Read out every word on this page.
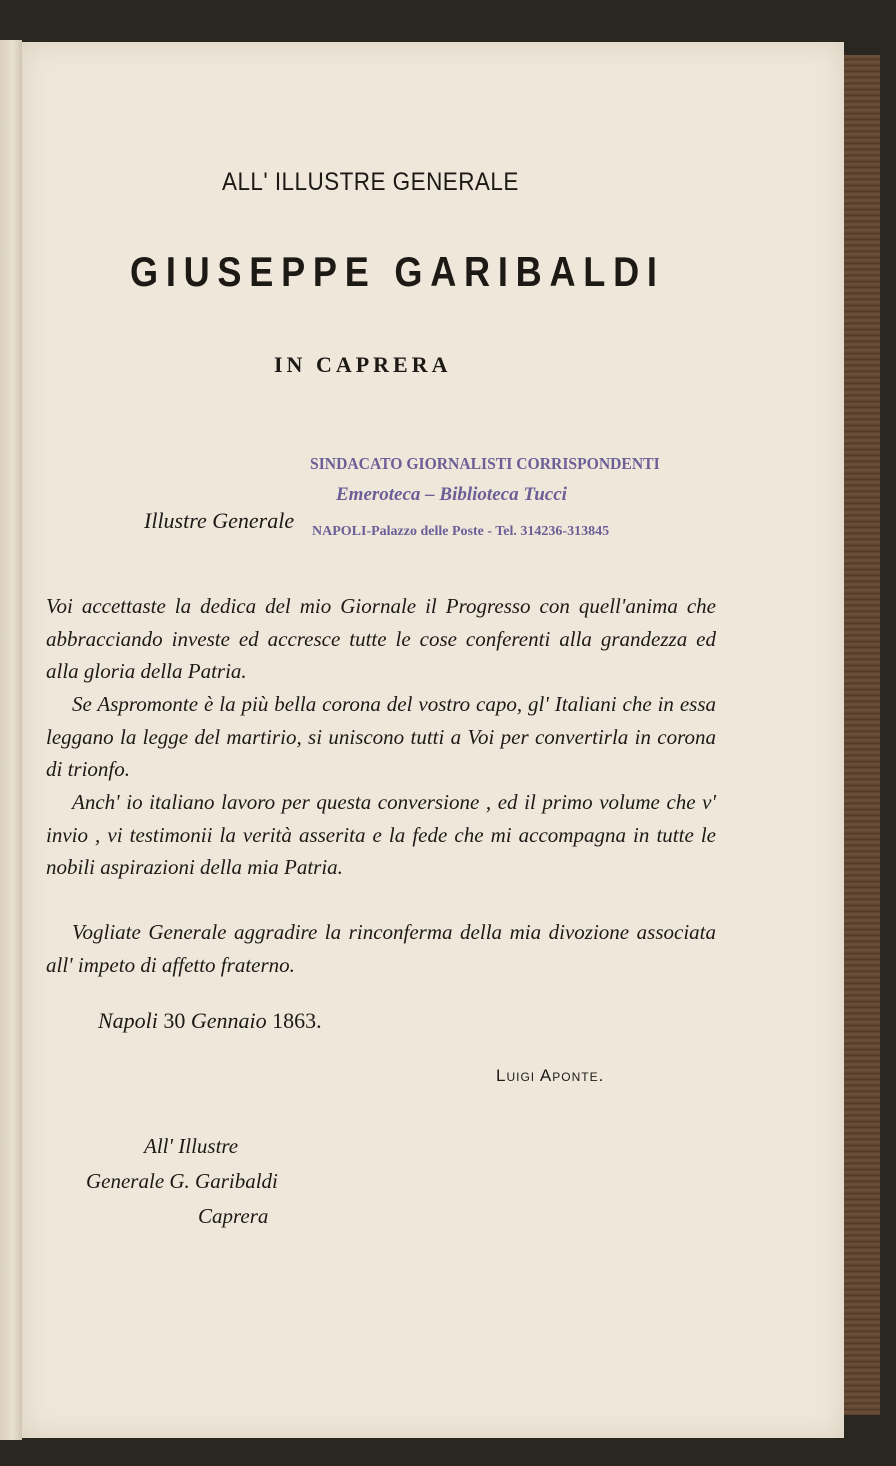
ALL' ILLUSTRE GENERALE
GIUSEPPE GARIBALDI
IN CAPRERA
SINDACATO GIORNALISTI CORRISPONDENTI
Emeroteca – Biblioteca Tucci
NAPOLI-Palazzo delle Poste - Tel. 314236-313845
Illustre Generale

Voi accettaste la dedica del mio Giornale il Progresso con quell'anima che abbracciando investe ed accresce tutte le cose conferenti alla grandezza ed alla gloria della Patria.

Se Aspromonte è la più bella corona del vostro capo, gl' Italiani che in essa leggano la legge del martirio, si uniscono tutti a Voi per convertirla in corona di trionfo.

Anch' io italiano lavoro per questa conversione , ed il primo volume che v' invio , vi testimonii la verità asserita e la fede che mi accompagna in tutte le nobili aspirazioni della mia Patria.

Vogliate Generale aggradire la rinconferma della mia divozione associata all' impeto di affetto fraterno.

Napoli 30 Gennaio 1863.
Luigi Aponte.
All' Illustre
Generale G. Garibaldi
Caprera
